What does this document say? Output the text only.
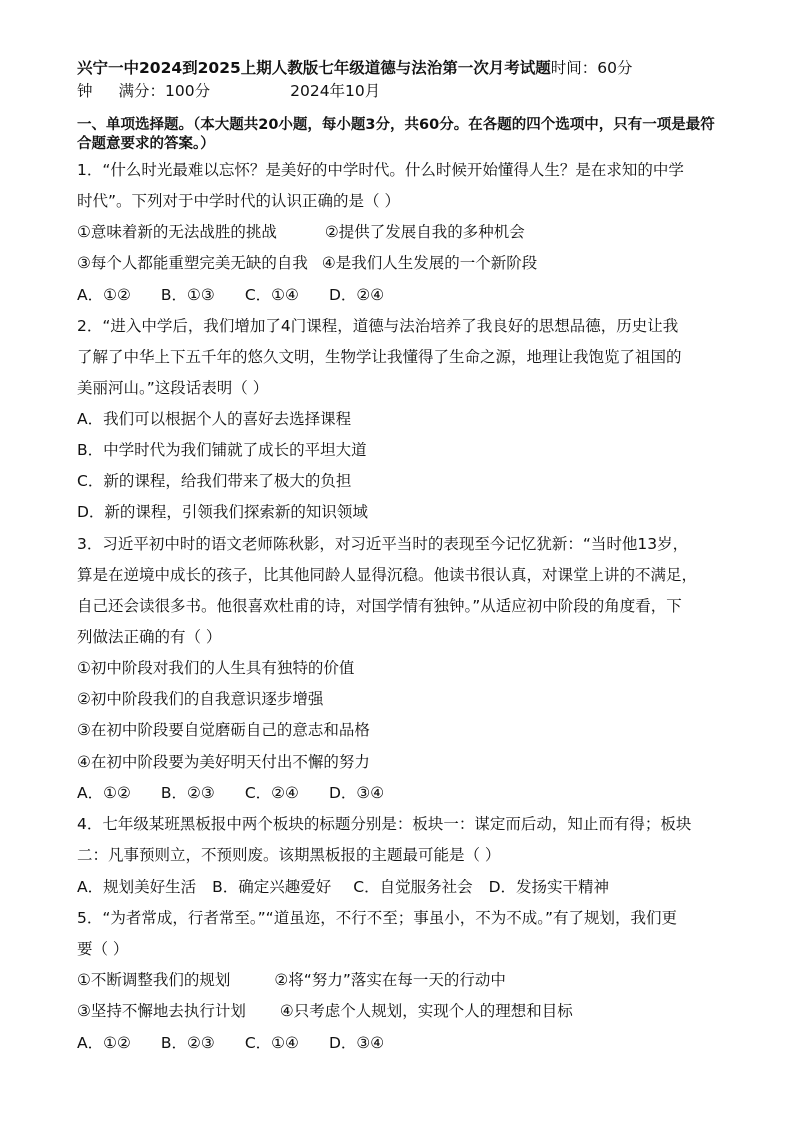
兴宁一中2024到2025上期人教版七年级道德与法治第一次月考试题时间：60分
钟 满分：100分	2024年10月
一、单项选择题。（本大题共20小题，每小题3分，共60分。在各题的四个选项中，只有一项是最符合题意要求的答案。）
1．“什么时光最难以忘怀？是美好的中学时代。什么时候开始懂得人生？是在求知的中学
时代”。下列对于中学时代的认识正确的是（ ）
①意味着新的无法战胜的挑战	②提供了发展自我的多种机会
③每个人都能重塑完美无缺的自我 ④是我们人生发展的一个新阶段
A．①② B．①③ C．①④ D．②④
2．“进入中学后，我们增加了4门课程，道德与法治培养了我良好的思想品德，历史让我
了解了中华上下五千年的悠久文明，生物学让我懂得了生命之源，地理让我饱览了祖国的
美丽河山。”这段话表明（ ）
A．我们可以根据个人的喜好去选择课程
B．中学时代为我们铺就了成长的平坦大道
C．新的课程，给我们带来了极大的负担
D．新的课程，引领我们探索新的知识领域
3．习近平初中时的语文老师陈秋影，对习近平当时的表现至今记忆犹新：“当时他13岁，
算是在逆境中成长的孩子，比其他同龄人显得沉稳。他读书很认真，对课堂上讲的不满足，
自己还会读很多书。他很喜欢杜甫的诗，对国学情有独钟。”从适应初中阶段的角度看，下
列做法正确的有（ ）
①初中阶段对我们的人生具有独特的价值
②初中阶段我们的自我意识逐步增强
③在初中阶段要自觉磨砺自己的意志和品格
④在初中阶段要为美好明天付出不懈的努力
A．①② B．②③ C．②④ D．③④
4．七年级某班黑板报中两个板块的标题分别是：板块一：谋定而后动，知止而有得；板块
二：凡事预则立，不预则废。该期黑板报的主题最可能是（ ）
A．规划美好生活 B．确定兴趣爱好 C．自觉服务社会 D．发扬实干精神
5．“为者常成，行者常至。”“道虽迩，不行不至；事虽小，不为不成。”有了规划，我们更
要（ ）
①不断调整我们的规划	②将“努力”落实在每一天的行动中
③坚持不懈地去执行计划 ④只考虑个人规划，实现个人的理想和目标
A．①② B．②③ C．①④ D．③④
